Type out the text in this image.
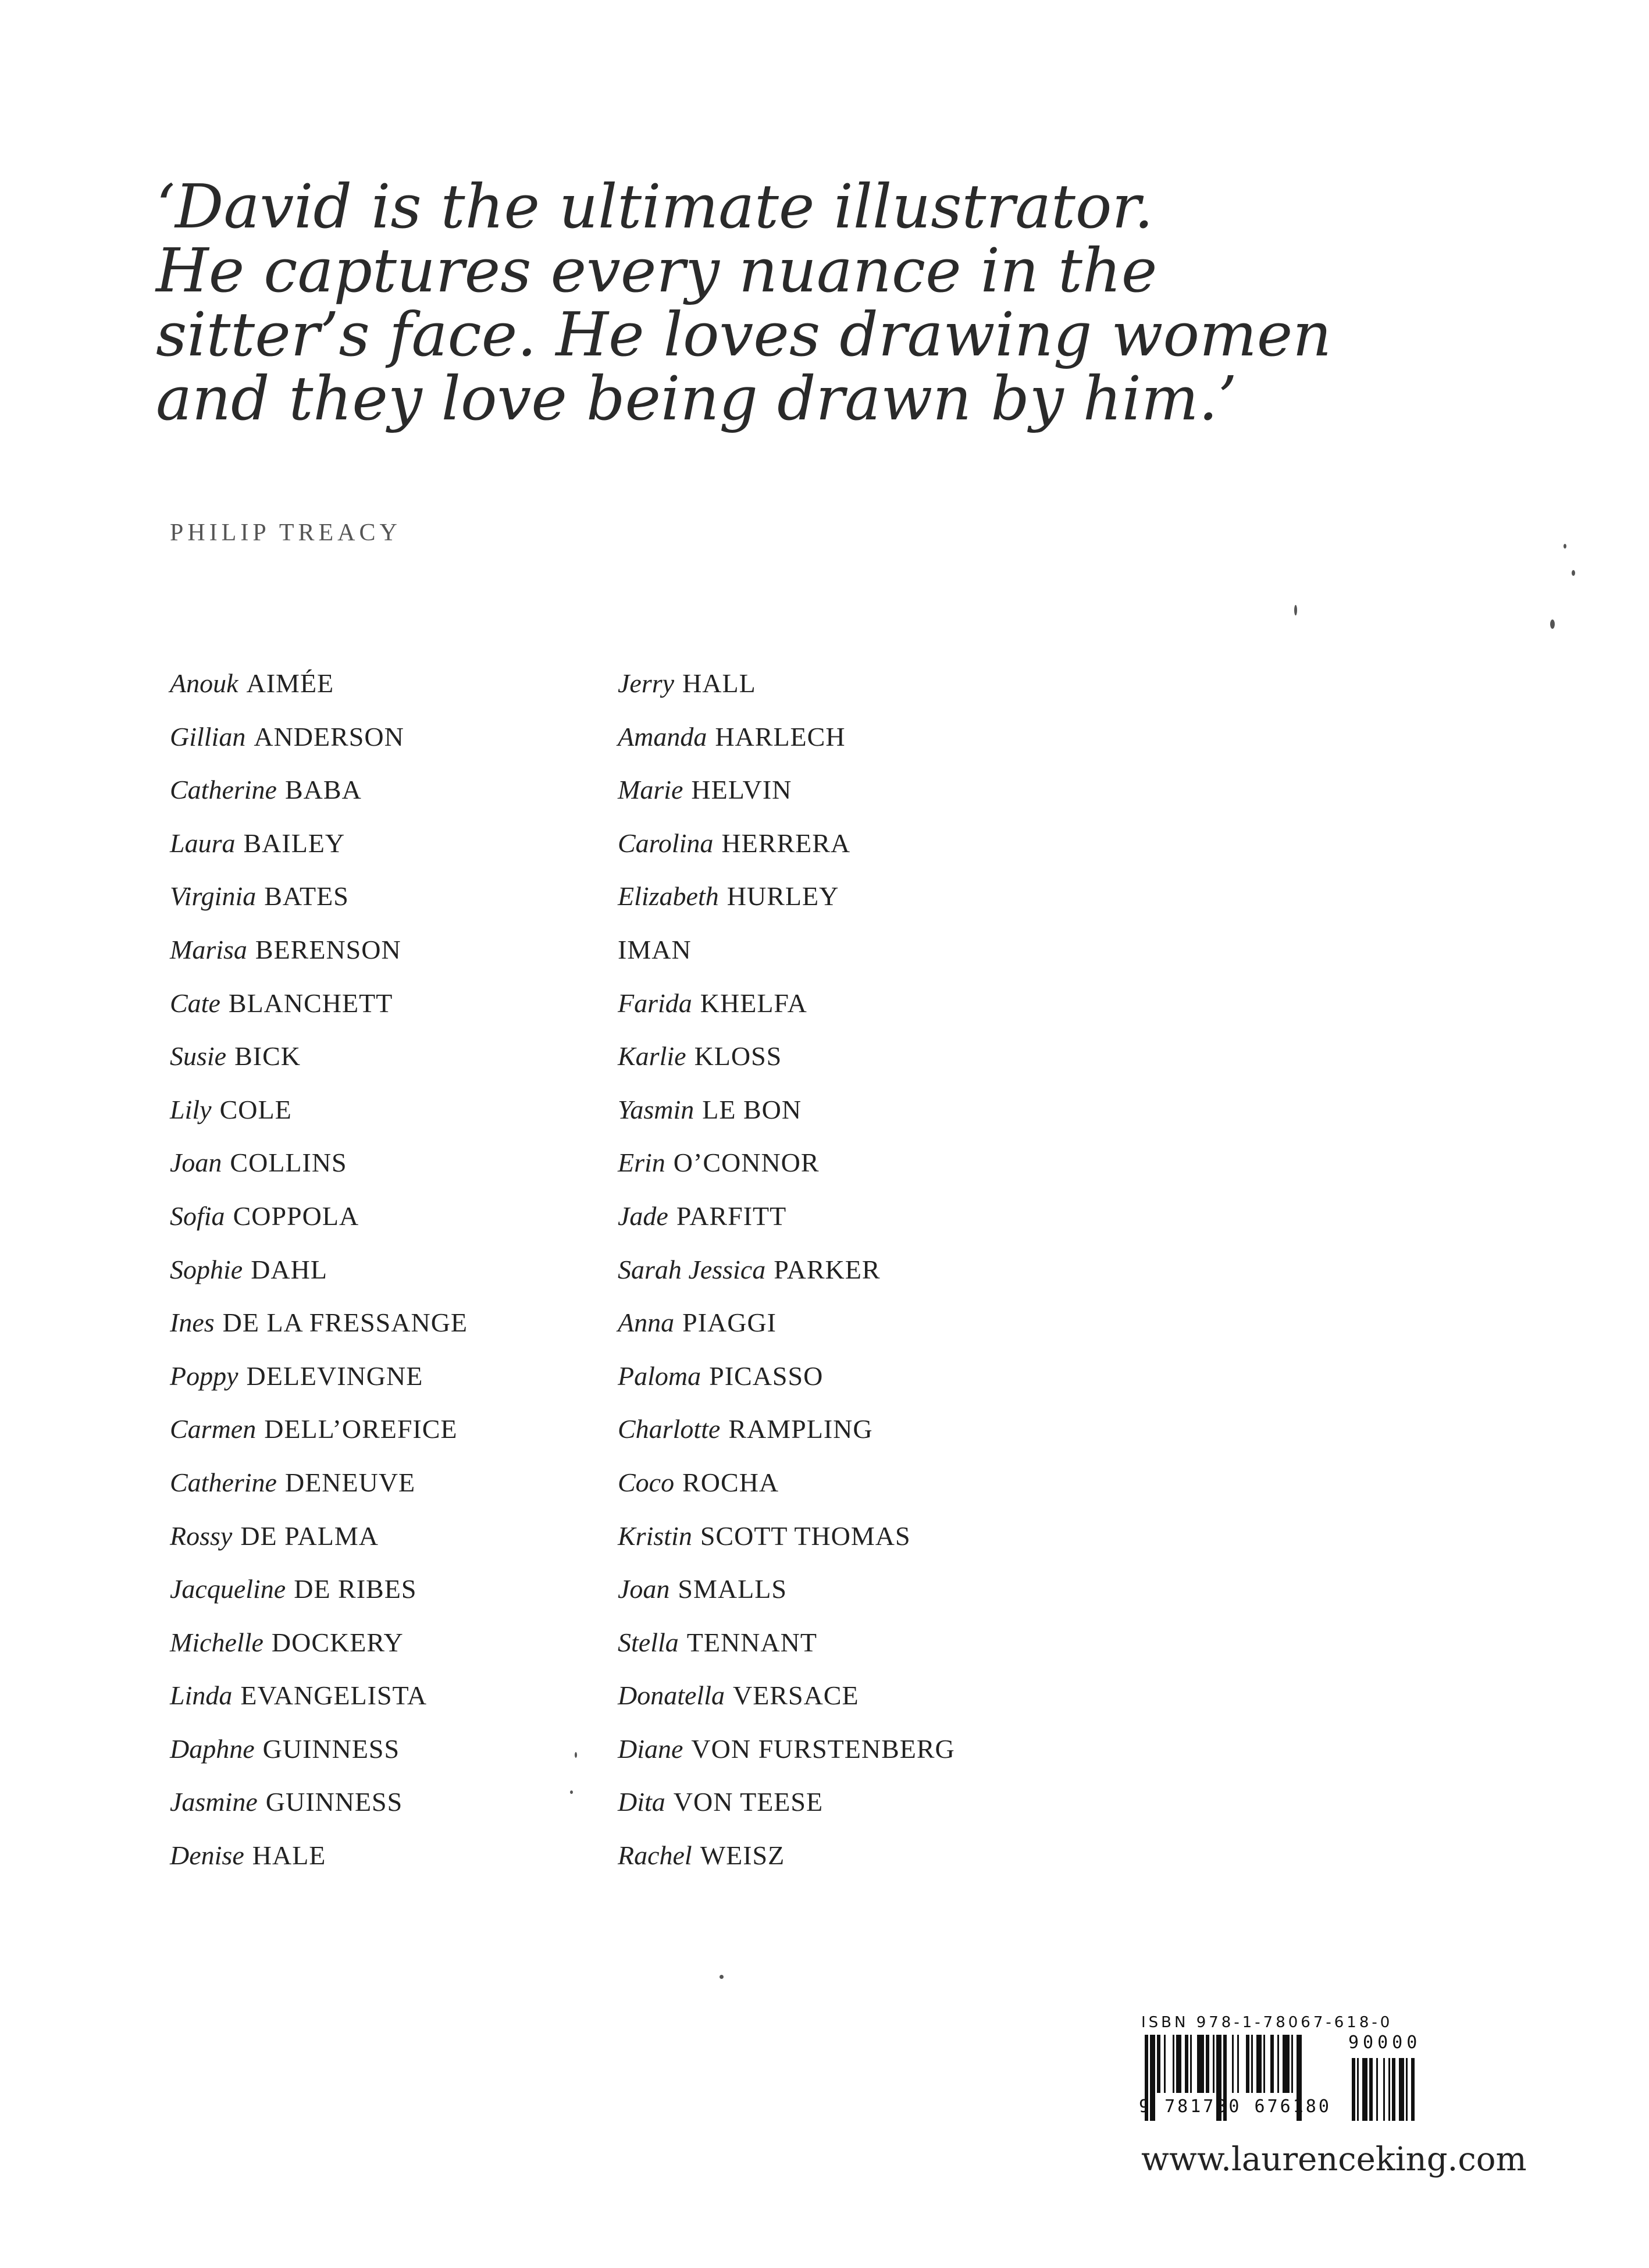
‘David is the ultimate illustrator.
He captures every nuance in the
sitter’s face. He loves drawing women
and they love being drawn by him.’
PHILIP TREACY
Anouk AIMÉE
Gillian ANDERSON
Catherine BABA
Laura BAILEY
Virginia BATES
Marisa BERENSON
Cate BLANCHETT
Susie BICK
Lily COLE
Joan COLLINS
Sofia COPPOLA
Sophie DAHL
Ines DE LA FRESSANGE
Poppy DELEVINGNE
Carmen DELL’OREFICE
Catherine DENEUVE
Rossy DE PALMA
Jacqueline DE RIBES
Michelle DOCKERY
Linda EVANGELISTA
Daphne GUINNESS
Jasmine GUINNESS
Denise HALE
Jerry HALL
Amanda HARLECH
Marie HELVIN
Carolina HERRERA
Elizabeth HURLEY
IMAN
Farida KHELFA
Karlie KLOSS
Yasmin LE BON
Erin O’CONNOR
Jade PARFITT
Sarah Jessica PARKER
Anna PIAGGI
Paloma PICASSO
Charlotte RAMPLING
Coco ROCHA
Kristin SCOTT THOMAS
Joan SMALLS
Stella TENNANT
Donatella VERSACE
Diane VON FURSTENBERG
Dita VON TEESE
Rachel WEISZ
ISBN 978-1-78067-618-0
90000
9 781780 676180
www.laurenceking.com
